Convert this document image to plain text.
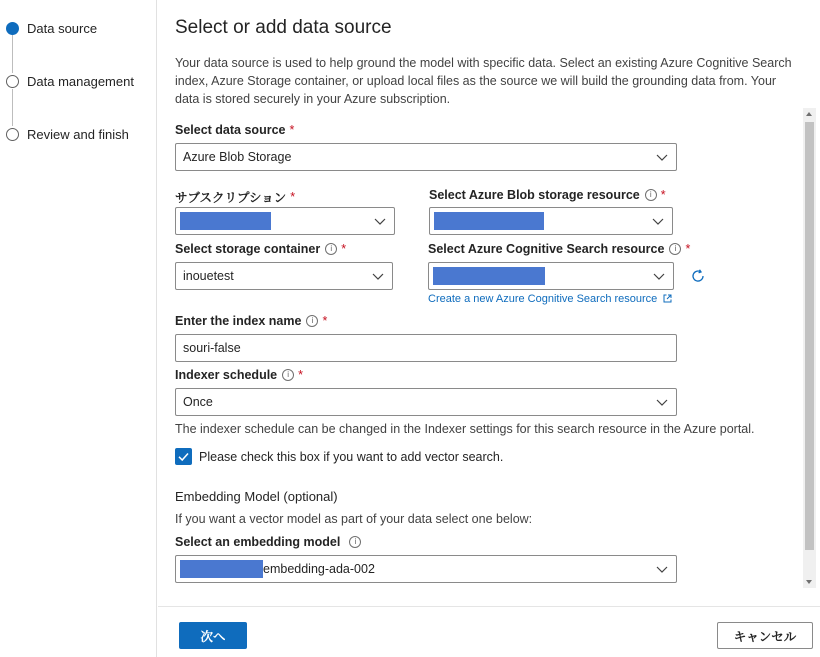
Data source
Data management
Review and finish
Select or add data source

Your data source is used to help ground the model with specific data. Select an existing Azure Cognitive Search index, Azure Storage container, or upload local files as the source we will build the grounding data from. Your data is stored securely in your Azure subscription.

Select data source *
Azure Blob Storage
サブスクリプション *	Select Azure Blob storage resource	i *
Select storage container	i *
inouetest
Select Azure Cognitive Search resource	i *
Create a new Azure Cognitive Search resource
Enter the index name	i *
souri-false
Indexer schedule	i *
Once

The indexer schedule can be changed in the Indexer settings for this search resource in the Azure portal.

Please check this box if you want to add vector search.

Embedding Model (optional)

If you want a vector model as part of your data select one below:

Select an embedding model	i
embedding-ada-002
次へ	キャンセル
